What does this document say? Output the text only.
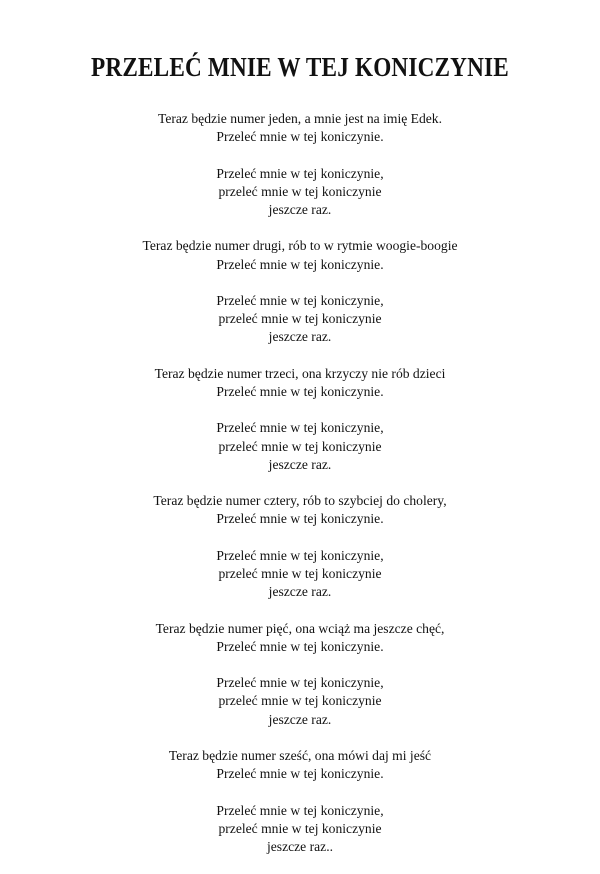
PRZELEĆ MNIE W TEJ KONICZYNIE
Teraz będzie numer jeden, a mnie jest na imię Edek.
Przeleć mnie w tej koniczynie.
Przeleć mnie w tej koniczynie,
przeleć mnie w tej koniczynie
jeszcze raz.
Teraz będzie numer drugi, rób to w rytmie woogie-boogie
Przeleć mnie w tej koniczynie.
Przeleć mnie w tej koniczynie,
przeleć mnie w tej koniczynie
jeszcze raz.
Teraz będzie numer trzeci, ona krzyczy nie rób dzieci
Przeleć mnie w tej koniczynie.
Przeleć mnie w tej koniczynie,
przeleć mnie w tej koniczynie
jeszcze raz.
Teraz będzie numer cztery, rób to szybciej do cholery,
Przeleć mnie w tej koniczynie.
Przeleć mnie w tej koniczynie,
przeleć mnie w tej koniczynie
jeszcze raz.
Teraz będzie numer pięć, ona wciąż ma jeszcze chęć,
Przeleć mnie w tej koniczynie.
Przeleć mnie w tej koniczynie,
przeleć mnie w tej koniczynie
jeszcze raz.
Teraz będzie numer sześć, ona mówi daj mi jeść
Przeleć mnie w tej koniczynie.
Przeleć mnie w tej koniczynie,
przeleć mnie w tej koniczynie
jeszcze raz..
